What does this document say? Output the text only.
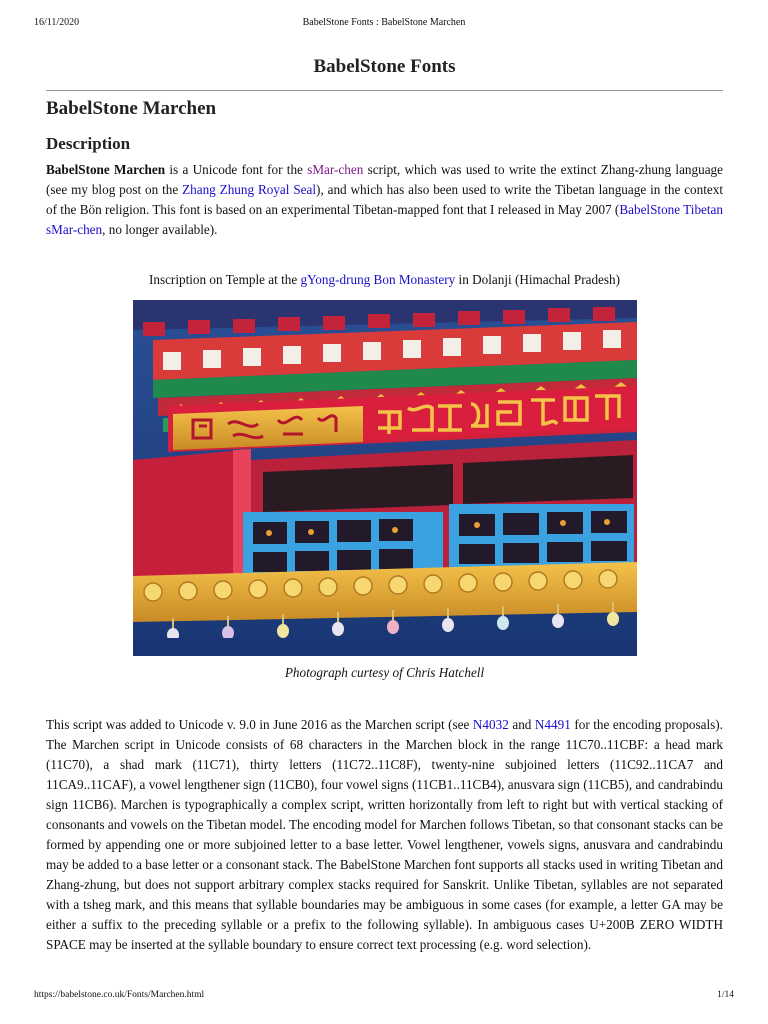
16/11/2020	BabelStone Fonts : BabelStone Marchen
BabelStone Fonts
BabelStone Marchen
Description

BabelStone Marchen is a Unicode font for the sMar-chen script, which was used to write the extinct Zhang-zhung language (see my blog post on the Zhang Zhung Royal Seal), and which has also been used to write the Tibetan language in the context of the Bön religion. This font is based on an experimental Tibetan-mapped font that I released in May 2007 (BabelStone Tibetan sMar-chen, no longer available).

Inscription on Temple at the gYong-drung Bon Monastery in Dolanji (Himachal Pradesh)
Photograph curtesy of Chris Hatchell

This script was added to Unicode v. 9.0 in June 2016 as the Marchen script (see N4032 and N4491 for the encoding proposals). The Marchen script in Unicode consists of 68 characters in the Marchen block in the range 11C70..11CBF: a head mark (11C70), a shad mark (11C71), thirty letters (11C72..11C8F), twenty-nine subjoined letters (11C92..11CA7 and 11CA9..11CAF), a vowel lengthener sign (11CB0), four vowel signs (11CB1..11CB4), anusvara sign (11CB5), and candrabindu sign 11CB6). Marchen is typographically a complex script, written horizontally from left to right but with vertical stacking of consonants and vowels on the Tibetan model. The encoding model for Marchen follows Tibetan, so that consonant stacks can be formed by appending one or more subjoined letter to a base letter. Vowel lengthener, vowels signs, anusvara and candrabindu may be added to a base letter or a consonant stack. The BabelStone Marchen font supports all stacks used in writing Tibetan and Zhang-zhung, but does not support arbitrary complex stacks required for Sanskrit. Unlike Tibetan, syllables are not separated with a tsheg mark, and this means that syllable boundaries may be ambiguous in some cases (for example, a letter GA may be either a suffix to the preceding syllable or a prefix to the following syllable). In ambiguous cases U+200B ZERO WIDTH SPACE may be inserted at the syllable boundary to ensure correct text processing (e.g. word selection).

https://babelstone.co.uk/Fonts/Marchen.html	1/14
